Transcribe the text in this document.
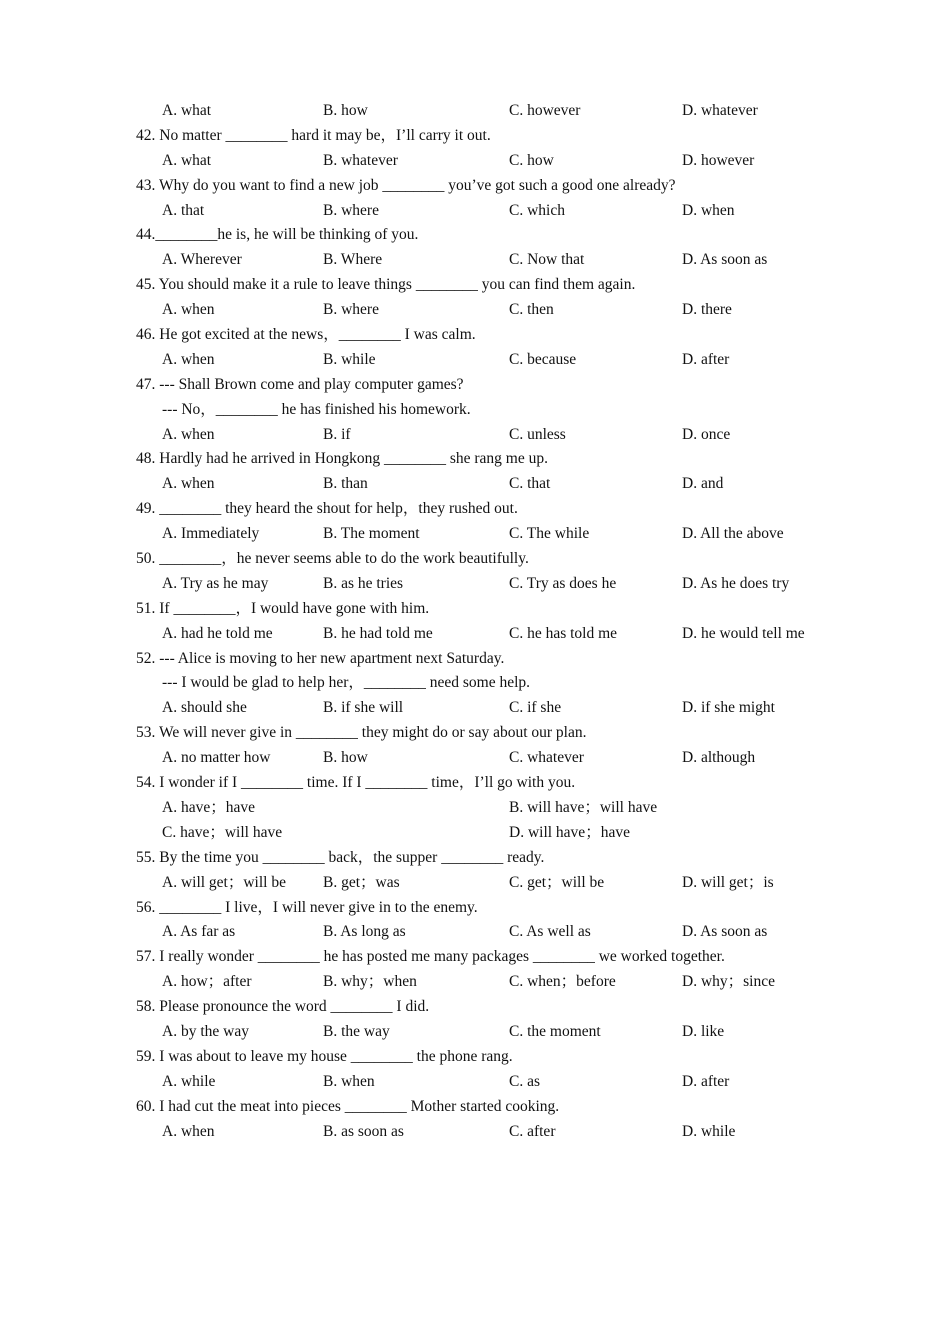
A. what	B. how	C. however	D. whatever
42. No matter ________ hard it may be，I’ll carry it out.
A. what	B. whatever	C. how	D. however
43. Why do you want to find a new job ________ you’ve got such a good one already?
A. that	B. where	C. which	D. when
44.________he is, he will be thinking of you.
A. Wherever	B. Where	C. Now that	D. As soon as
45. You should make it a rule to leave things ________ you can find them again.
A. when	B. where	C. then	D. there
46. He got excited at the news，________ I was calm.
A. when	B. while	C. because	D. after
47. --- Shall Brown come and play computer games?
--- No，________ he has finished his homework.
A. when	B. if	C. unless	D. once
48. Hardly had he arrived in Hongkong ________ she rang me up.
A. when	B. than	C. that	D. and
49. ________ they heard the shout for help，they rushed out.
A. Immediately	B. The moment	C. The while	D. All the above
50. ________，he never seems able to do the work beautifully.
A. Try as he may	B. as he tries	C. Try as does he	D. As he does try
51. If ________，I would have gone with him.
A. had he told me	B. he had told me	C. he has told me	D. he would tell me
52. --- Alice is moving to her new apartment next Saturday.
--- I would be glad to help her，________ need some help.
A. should she	B. if she will	C. if she	D. if she might
53. We will never give in ________ they might do or say about our plan.
A. no matter how	B. how	C. whatever	D. although
54. I wonder if I ________ time. If I ________ time，I’ll go with you.
A. have；have	B. will have；will have
C. have；will have	D. will have；have
55. By the time you ________ back，the supper ________ ready.
A. will get；will be B. get；was	C. get；will be	D. will get；is
56. ________ I live，I will never give in to the enemy.
A. As far as	B. As long as	C. As well as	D. As soon as
57. I really wonder ________ he has posted me many packages ________ we worked together.
A. how；after	B. why；when	C. when；before	D. why；since
58. Please pronounce the word ________ I did.
A. by the way	B. the way	C. the moment	D. like
59. I was about to leave my house ________ the phone rang.
A. while	B. when	C. as	D. after
60. I had cut the meat into pieces ________ Mother started cooking.
A. when	B. as soon as	C. after	D. while
